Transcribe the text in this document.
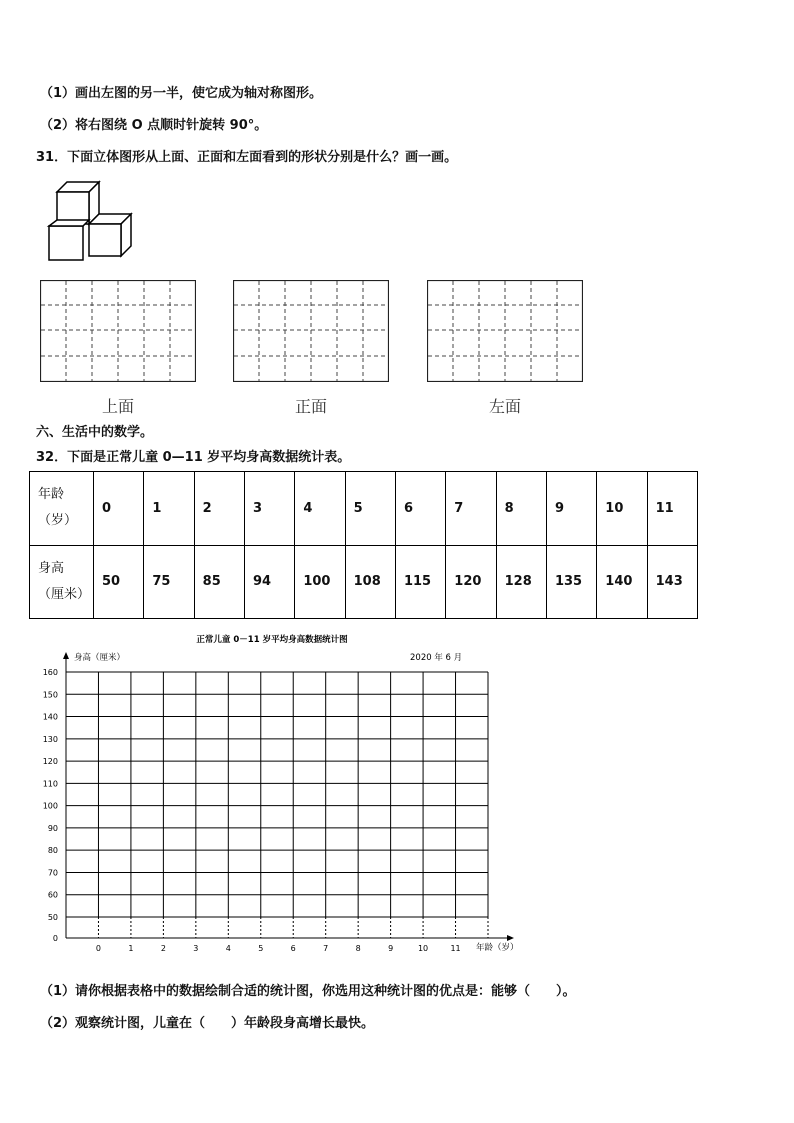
（1）画出左图的另一半，使它成为轴对称图形。
（2）将右图绕 O 点顺时针旋转 90°。
31．下面立体图形从上面、正面和左面看到的形状分别是什么？画一画。
上面	正面	左面
六、生活中的数学。
32．下面是正常儿童 0—11 岁平均身高数据统计表。
年龄
（岁）	0	1	2	3	4	5	6	7	8	9	10	11

身高
（厘米）	50	75	85	94	100	108	115	120	128	135	140	143
正常儿童 0－11 岁平均身高数据统计图
身高（厘米）	2020 年 6 月
年龄（岁）
160
150
140
130
120
110
100
90
80
70
60
50
0
0	1	2	3	4	5	6	7	8	9	10	11
（1）请你根据表格中的数据绘制合适的统计图，你选用这种统计图的优点是：能够（　　）。
（2）观察统计图，儿童在（　　）年龄段身高增长最快。
